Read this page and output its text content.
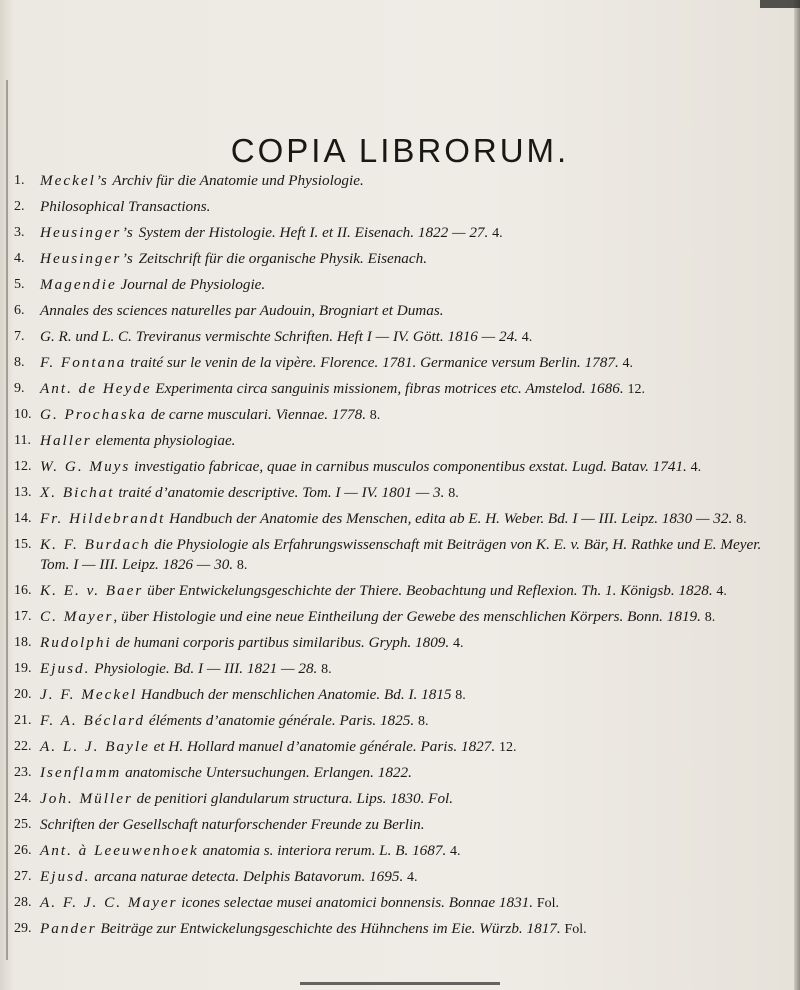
COPIA LIBRORUM.
1.	Meckel’s Archiv für die Anatomie und Physiologie.
2.	Philosophical Transactions.
3.	Heusinger’s System der Histologie. Heft I. et II. Eisenach. 1822 — 27. 4.
4.	Heusinger’s Zeitschrift für die organische Physik. Eisenach.
5.	Magendie Journal de Physiologie.
6.	Annales des sciences naturelles par Audouin, Brogniart et Dumas.
7.	G. R. und L. C. Treviranus vermischte Schriften. Heft I — IV. Gött. 1816 — 24. 4.
8.	F. Fontana traité sur le venin de la vipère. Florence. 1781. Germanice versum Berlin. 1787. 4.
9.	Ant. de Heyde Experimenta circa sanguinis missionem, fibras motrices etc. Amstelod. 1686. 12.
10. G. Prochaska de carne musculari. Viennae. 1778. 8.
11. Haller elementa physiologiae.
12. W. G. Muys investigatio fabricae, quae in carnibus musculos componentibus exstat. Lugd. Batav. 1741. 4.
13. X. Bichat traité d’anatomie descriptive. Tom. I — IV. 1801 — 3. 8.
14. Fr. Hildebrandt Handbuch der Anatomie des Menschen, edita ab E. H. Weber. Bd. I — III. Leipz. 1830 — 32. 8.
15. K. F. Burdach die Physiologie als Erfahrungswissenschaft mit Beiträgen von K. E. v. Bär, H. Rathke und E. Meyer. Tom. I — III. Leipz. 1826 — 30. 8.
16. K. E. v. Baer über Entwickelungsgeschichte der Thiere. Beobachtung und Reflexion. Th. 1. Königsb. 1828. 4.
17. C. Mayer, über Histologie und eine neue Eintheilung der Gewebe des menschlichen Körpers. Bonn. 1819. 8.
18. Rudolphi de humani corporis partibus similaribus. Gryph. 1809. 4.
19. Ejusd. Physiologie. Bd. I — III. 1821 — 28. 8.
20. J. F. Meckel Handbuch der menschlichen Anatomie. Bd. I. 1815 8.
21. F. A. Béclard éléments d’anatomie générale. Paris. 1825. 8.
22. A. L. J. Bayle et H. Hollard manuel d’anatomie générale. Paris. 1827. 12.
23. Isenflamm anatomische Untersuchungen. Erlangen. 1822.
24. Joh. Müller de penitiori glandularum structura. Lips. 1830. Fol.
25. Schriften der Gesellschaft naturforschender Freunde zu Berlin.
26. Ant. à Leeuwenhoek anatomia s. interiora rerum. L. B. 1687. 4.
27. Ejusd. arcana naturae detecta. Delphis Batavorum. 1695. 4.
28. A. F. J. C. Mayer icones selectae musei anatomici bonnensis. Bonnae 1831. Fol.
29. Pander Beiträge zur Entwickelungsgeschichte des Hühnchens im Eie. Würzb. 1817. Fol.
